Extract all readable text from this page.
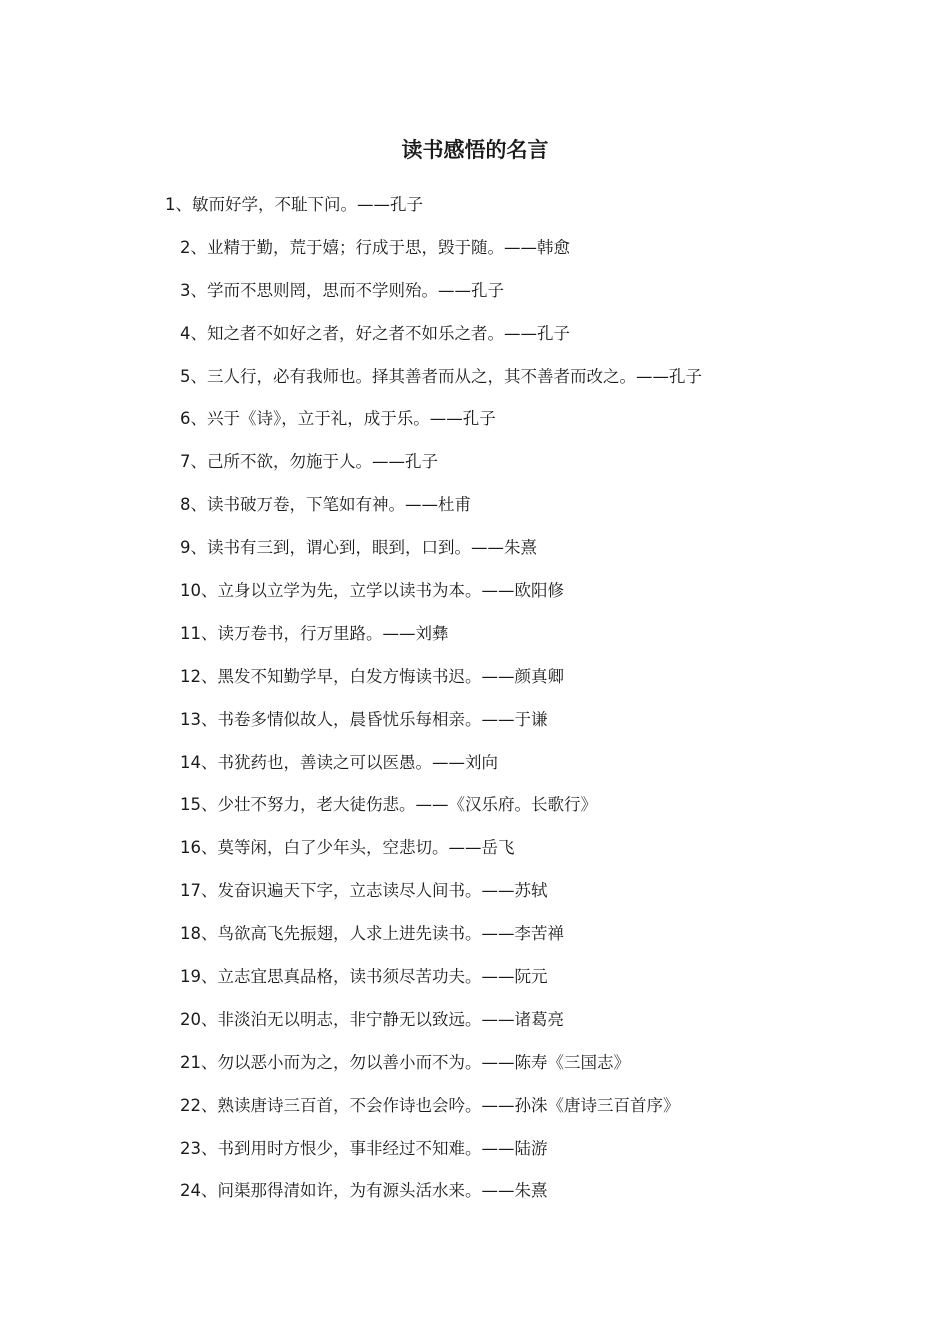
读书感悟的名言
1、敏而好学，不耻下问。——孔子
2、业精于勤，荒于嬉；行成于思，毁于随。——韩愈
3、学而不思则罔，思而不学则殆。——孔子
4、知之者不如好之者，好之者不如乐之者。——孔子
5、三人行，必有我师也。择其善者而从之，其不善者而改之。——孔子
6、兴于《诗》，立于礼，成于乐。——孔子
7、己所不欲，勿施于人。——孔子
8、读书破万卷，下笔如有神。——杜甫
9、读书有三到，谓心到，眼到，口到。——朱熹
10、立身以立学为先，立学以读书为本。——欧阳修
11、读万卷书，行万里路。——刘彝
12、黑发不知勤学早，白发方悔读书迟。——颜真卿
13、书卷多情似故人，晨昏忧乐每相亲。——于谦
14、书犹药也，善读之可以医愚。——刘向
15、少壮不努力，老大徒伤悲。——《汉乐府。长歌行》
16、莫等闲，白了少年头，空悲切。——岳飞
17、发奋识遍天下字，立志读尽人间书。——苏轼
18、鸟欲高飞先振翅，人求上进先读书。——李苦禅
19、立志宜思真品格，读书须尽苦功夫。——阮元
20、非淡泊无以明志，非宁静无以致远。——诸葛亮
21、勿以恶小而为之，勿以善小而不为。——陈寿《三国志》
22、熟读唐诗三百首，不会作诗也会吟。——孙洙《唐诗三百首序》
23、书到用时方恨少，事非经过不知难。——陆游
24、问渠那得清如许，为有源头活水来。——朱熹
